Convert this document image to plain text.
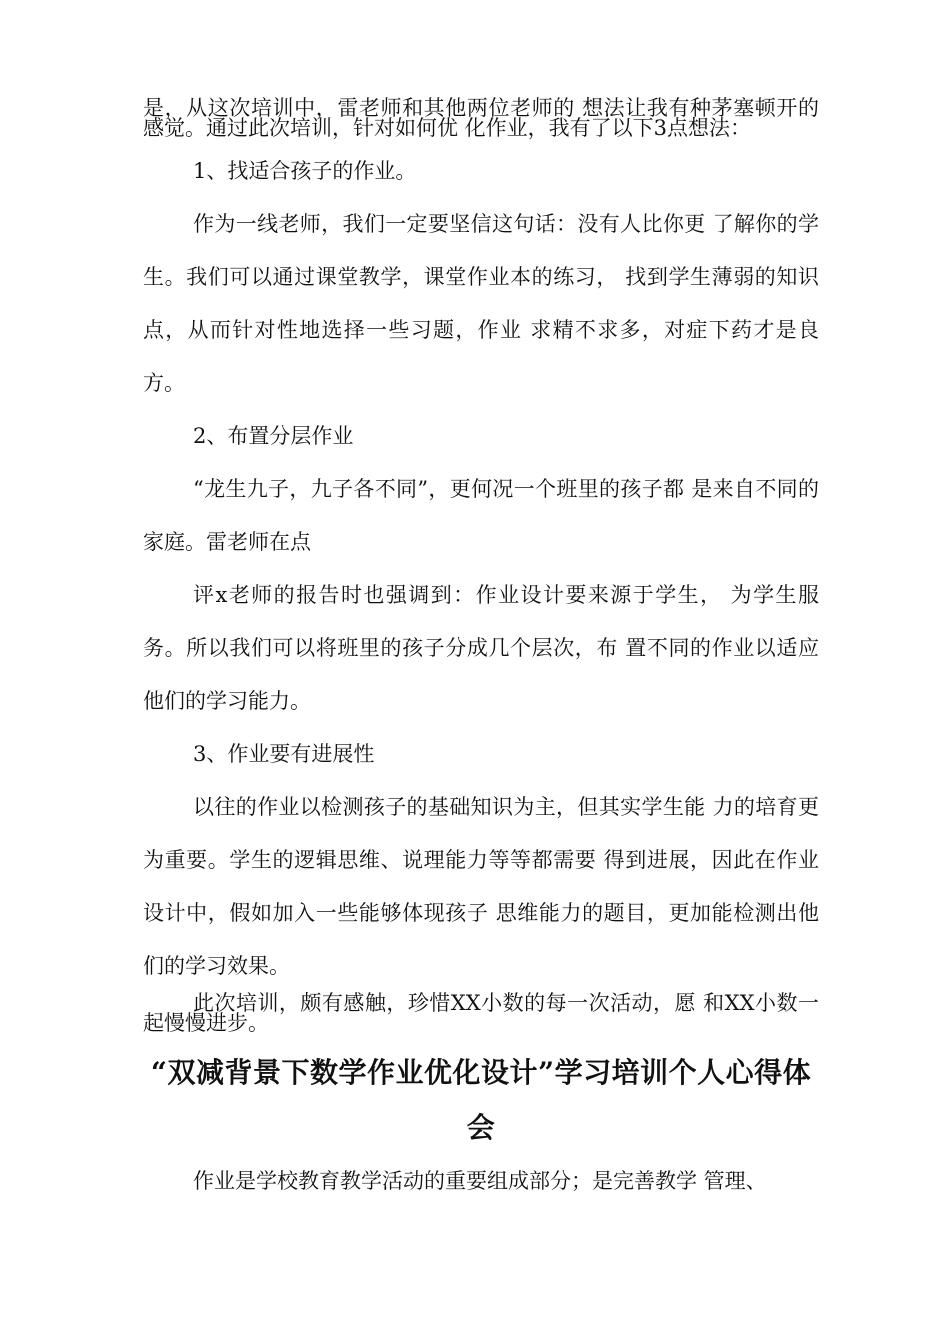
是，从这次培训中，雷老师和其他两位老师的 想法让我有种茅塞顿开的感觉。通过此次培训，针对如何优 化作业，我有了以下3点想法：

1、找适合孩子的作业。

作为一线老师，我们一定要坚信这句话：没有人比你更 了解你的学生。我们可以通过课堂教学，课堂作业本的练习， 找到学生薄弱的知识点，从而针对性地选择一些习题，作业 求精不求多，对症下药才是良方。

2、布置分层作业

“龙生九子，九子各不同”，更何况一个班里的孩子都 是来自不同的家庭。雷老师在点

评x老师的报告时也强调到：作业设计要来源于学生， 为学生服务。所以我们可以将班里的孩子分成几个层次，布 置不同的作业以适应他们的学习能力。

3、作业要有进展性

以往的作业以检测孩子的基础知识为主，但其实学生能 力的培育更为重要。学生的逻辑思维、说理能力等等都需要 得到进展，因此在作业设计中，假如加入一些能够体现孩子 思维能力的题目，更加能检测出他们的学习效果。

此次培训，颇有感触，珍惜XX小数的每一次活动，愿 和XX小数一起慢慢进步。

“双减背景下数学作业优化设计”学习培训个人心得体会

作业是学校教育教学活动的重要组成部分；是完善教学 管理、
